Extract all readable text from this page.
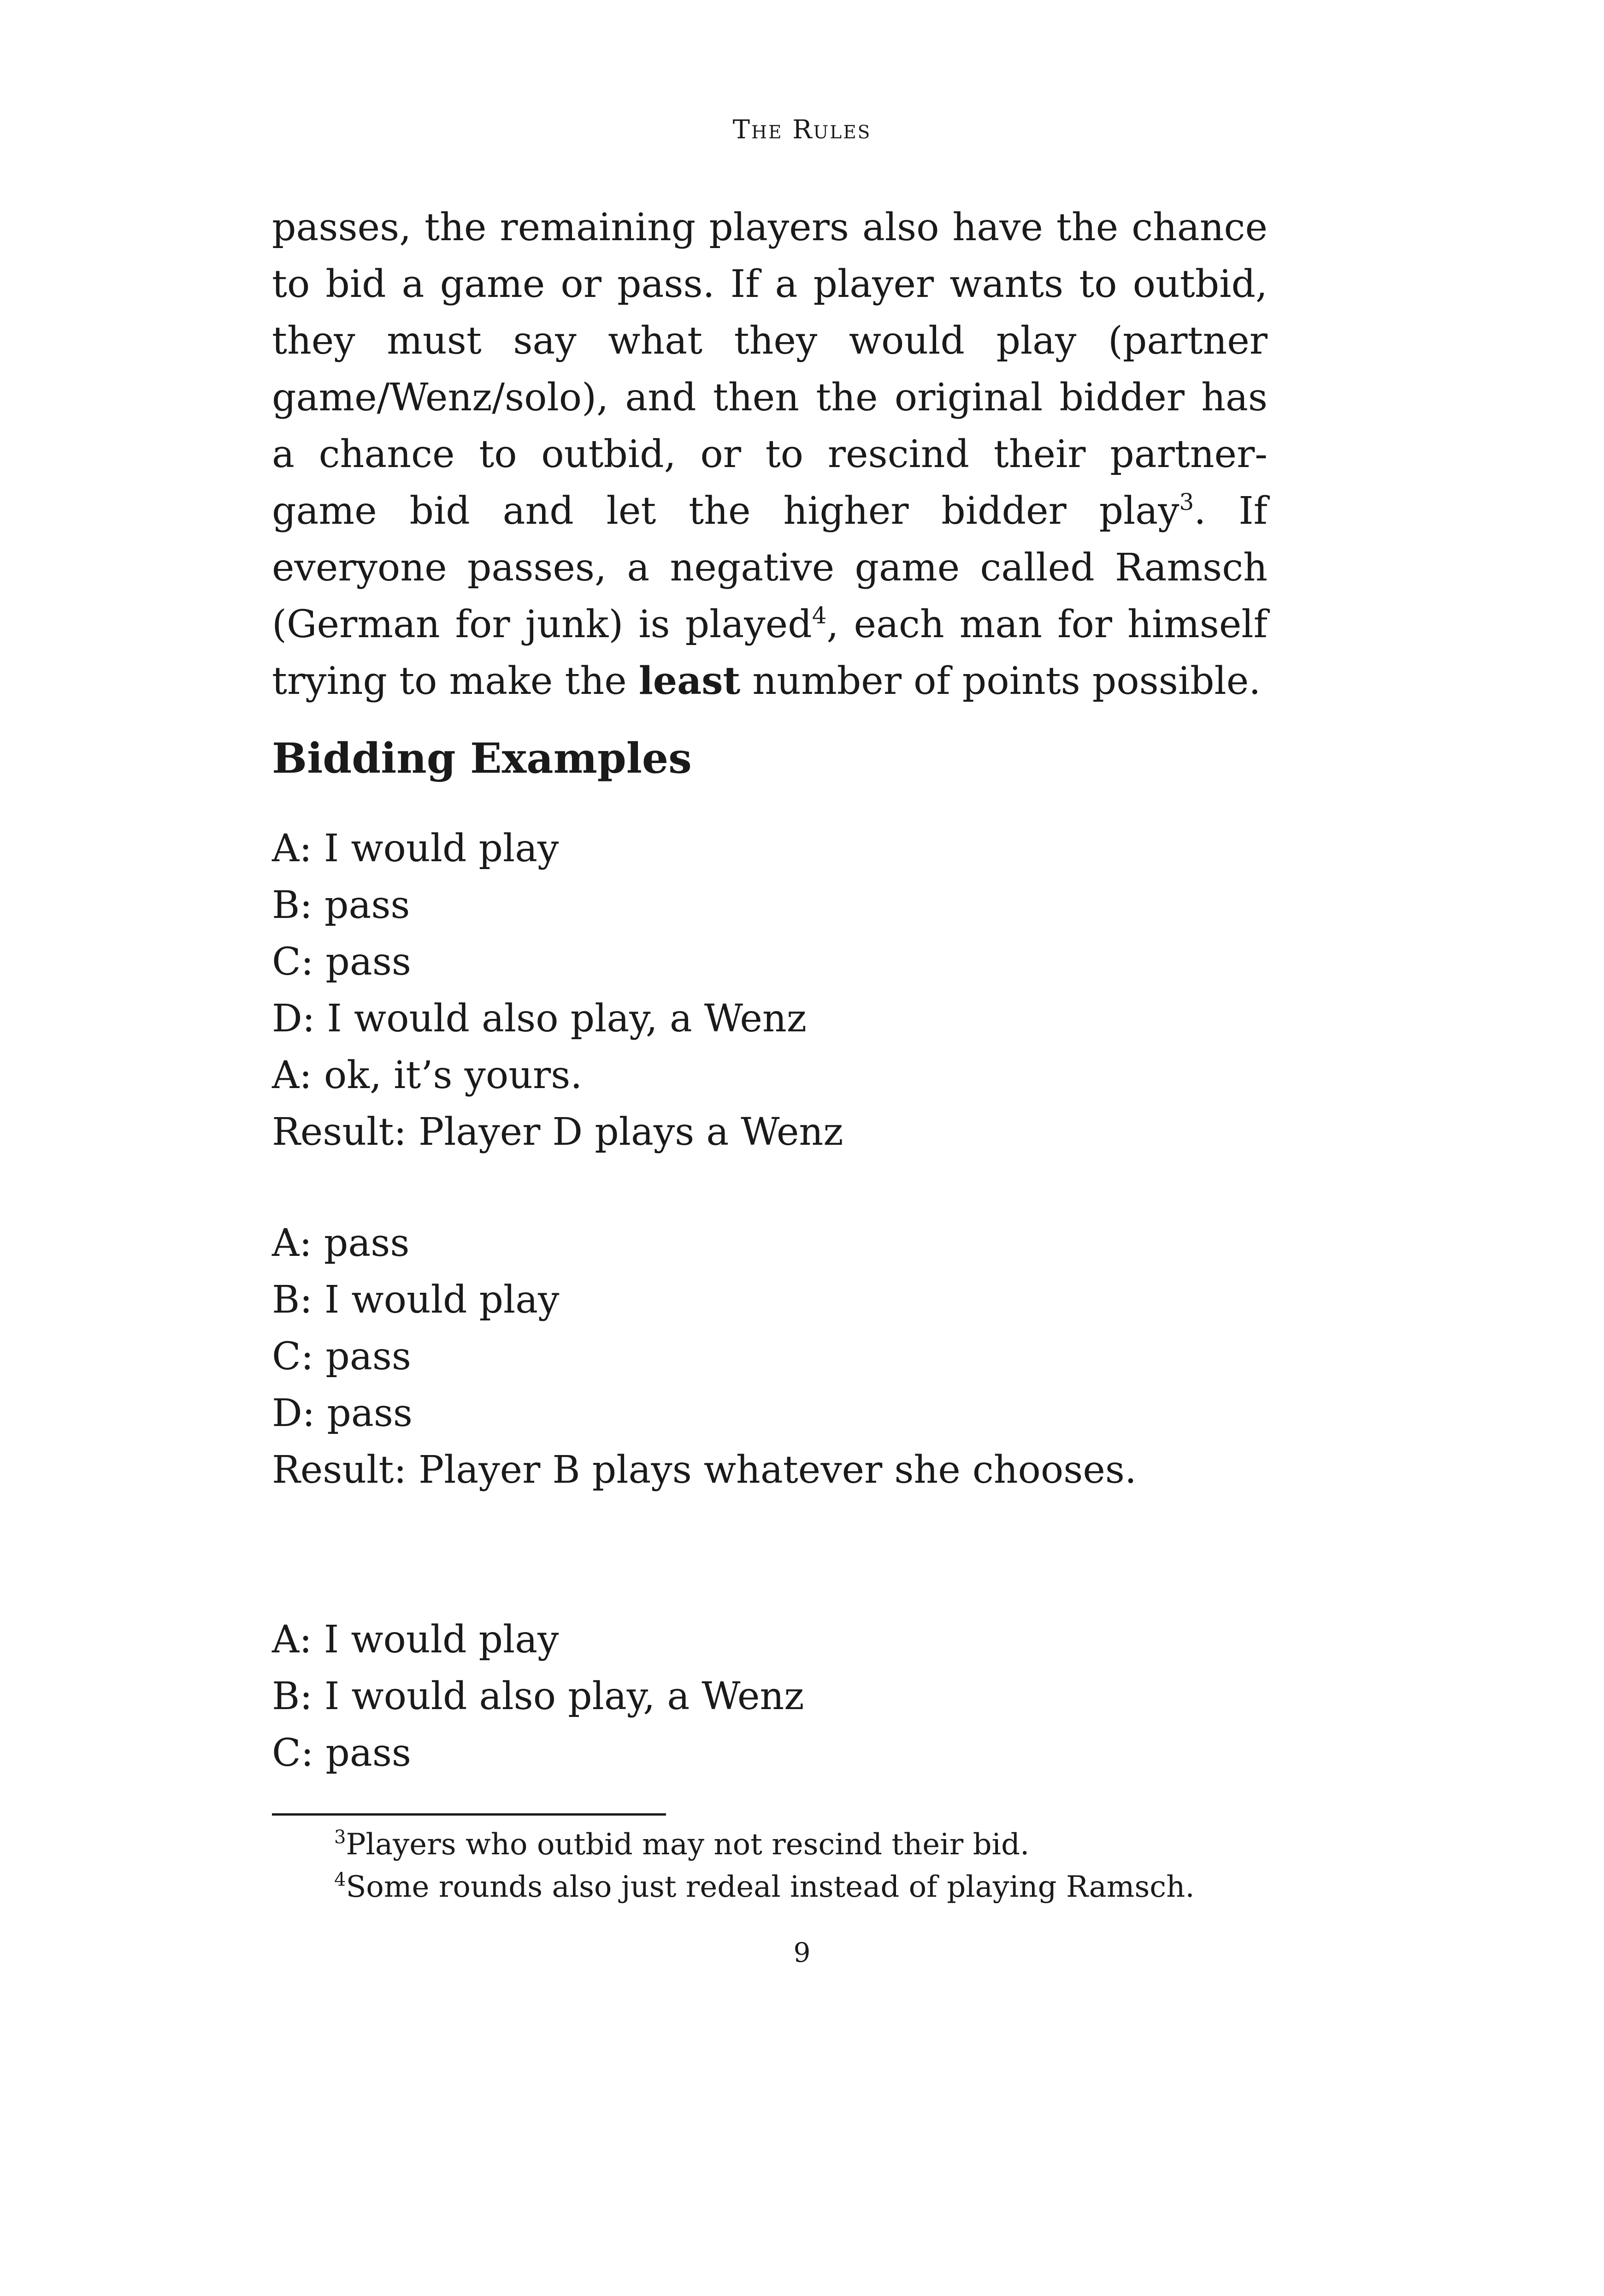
The Rules

passes, the remaining players also have the chance to bid a game or pass. If a player wants to outbid, they must say what they would play (partner game/Wenz/solo), and then the original bidder has a chance to outbid, or to rescind their partner-game bid and let the higher bidder play$^3$. If everyone passes, a negative game called Ramsch (German for junk) is played$^4$, each man for himself trying to make the least number of points possible.

Bidding Examples
A: I would play
B: pass
C: pass
D: I would also play, a Wenz
A: ok, it’s yours.
Result: Player D plays a Wenz
A: pass
B: I would play
C: pass
D: pass
Result: Player B plays whatever she chooses.
A: I would play
B: I would also play, a Wenz
C: pass
$^3$Players who outbid may not rescind their bid.
$^4$Some rounds also just redeal instead of playing Ramsch.
9
